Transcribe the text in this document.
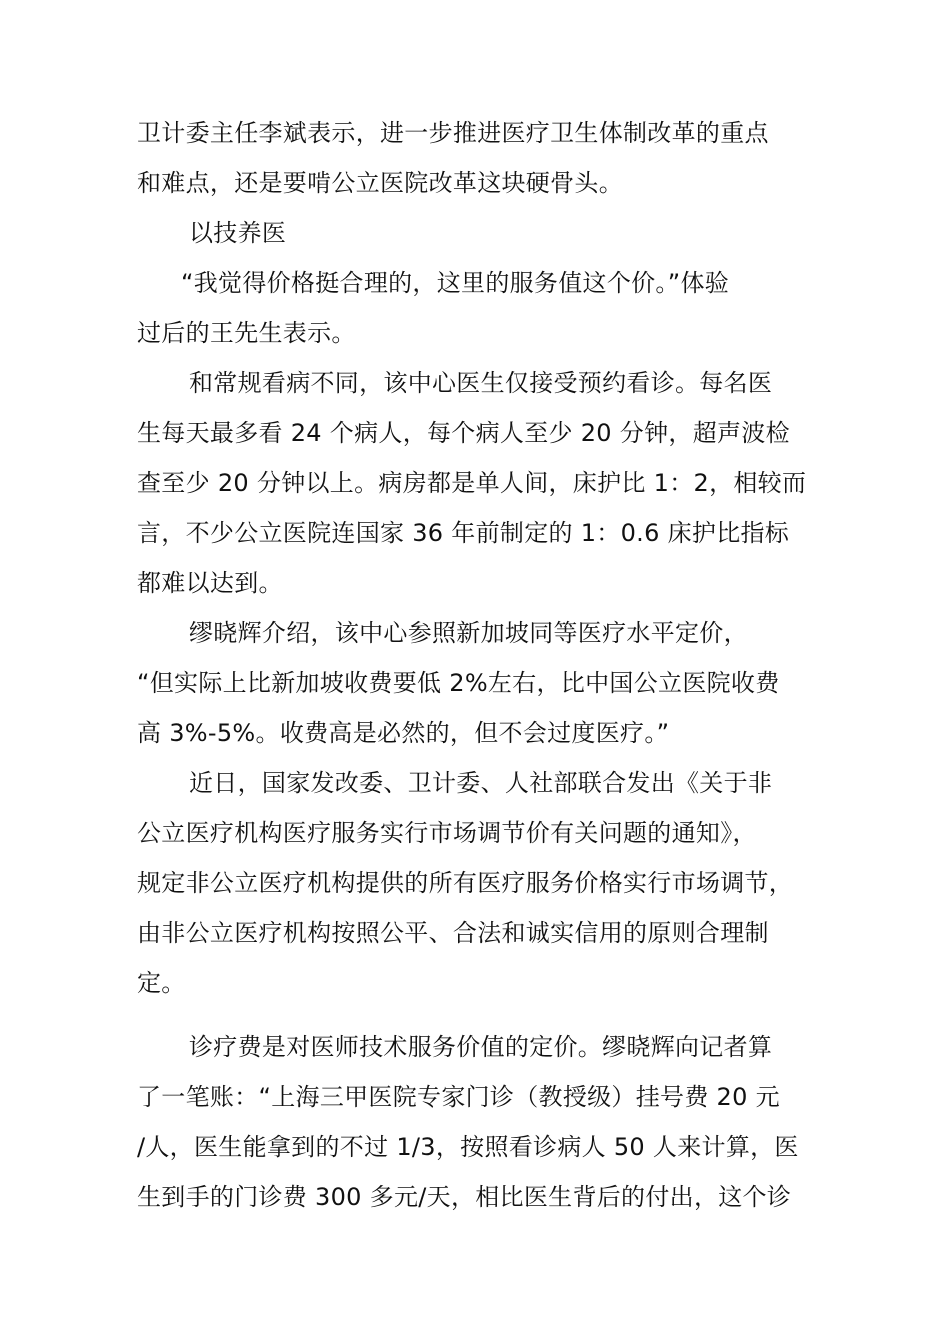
卫计委主任李斌表示，进一步推进医疗卫生体制改革的重点
和难点，还是要啃公立医院改革这块硬骨头。
以技养医
“我觉得价格挺合理的，这里的服务值这个价。”体验
过后的王先生表示。
和常规看病不同，该中心医生仅接受预约看诊。每名医
生每天最多看 24 个病人，每个病人至少 20 分钟，超声波检
查至少 20 分钟以上。病房都是单人间，床护比 1：2，相较而
言，不少公立医院连国家 36 年前制定的 1：0.6 床护比指标
都难以达到。
缪晓辉介绍，该中心参照新加坡同等医疗水平定价，
“但实际上比新加坡收费要低 2%左右，比中国公立医院收费
高 3%-5%。收费高是必然的，但不会过度医疗。”
近日，国家发改委、卫计委、人社部联合发出《关于非
公立医疗机构医疗服务实行市场调节价有关问题的通知》，
规定非公立医疗机构提供的所有医疗服务价格实行市场调节，
由非公立医疗机构按照公平、合法和诚实信用的原则合理制
定。
诊疗费是对医师技术服务价值的定价。缪晓辉向记者算
了一笔账：“上海三甲医院专家门诊（教授级）挂号费 20 元
/人，医生能拿到的不过 1/3，按照看诊病人 50 人来计算，医
生到手的门诊费 300 多元/天，相比医生背后的付出，这个诊
